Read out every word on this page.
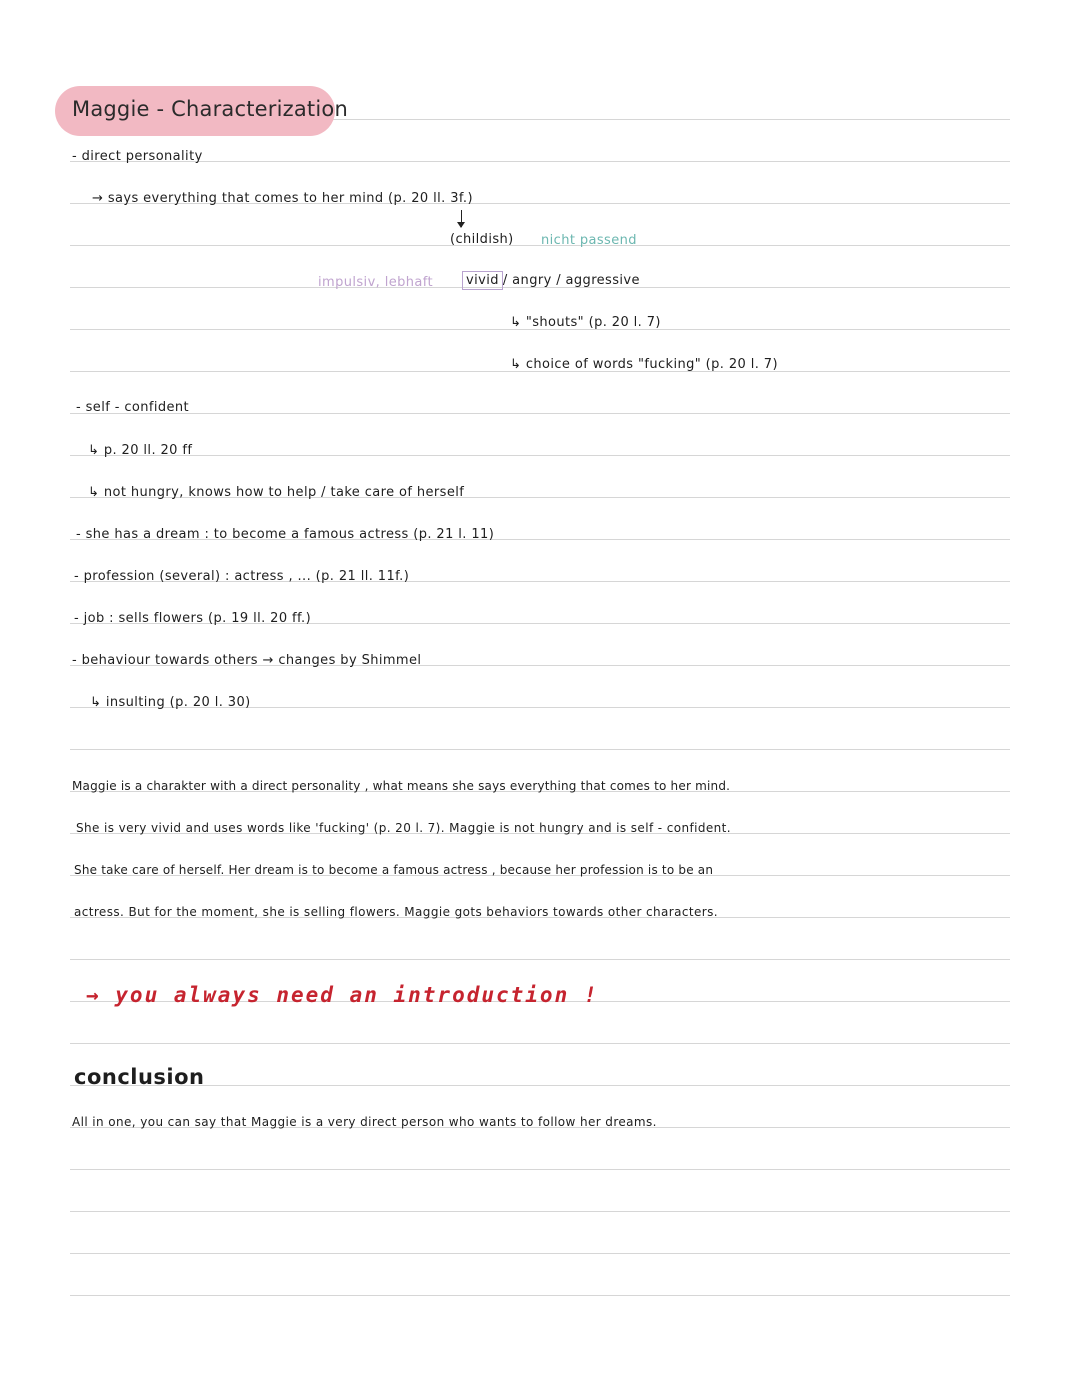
Maggie - Characterization
- direct personality
→ says everything that comes to her mind (p. 20 ll. 3f.)
(childish) nicht passend
impulsiv, lebhaft	vivid / angry / aggressive
↳ "shouts" (p. 20 l. 7)
↳ choice of words "fucking" (p. 20 l. 7)
- self - confident
↳ p. 20 ll. 20 ff
↳ not hungry, knows how to help / take care of herself
- she has a dream : to become a famous actress (p. 21 l. 11)
- profession (several) : actress , ... (p. 21 ll. 11f.)
- job : sells flowers (p. 19 ll. 20 ff.)
- behaviour towards others → changes by Shimmel
↳ insulting (p. 20 l. 30)
Maggie is a charakter with a direct personality , what means she says everything that comes to her mind.
She is very vivid and uses words like 'fucking' (p. 20 l. 7). Maggie is not hungry and is self - confident.
She take care of herself. Her dream is to become a famous actress , because her profession is to be an
actress. But for the moment, she is selling flowers. Maggie gots behaviors towards other characters.
→ you always need an introduction !
conclusion
All in one, you can say that Maggie is a very direct person who wants to follow her dreams.
